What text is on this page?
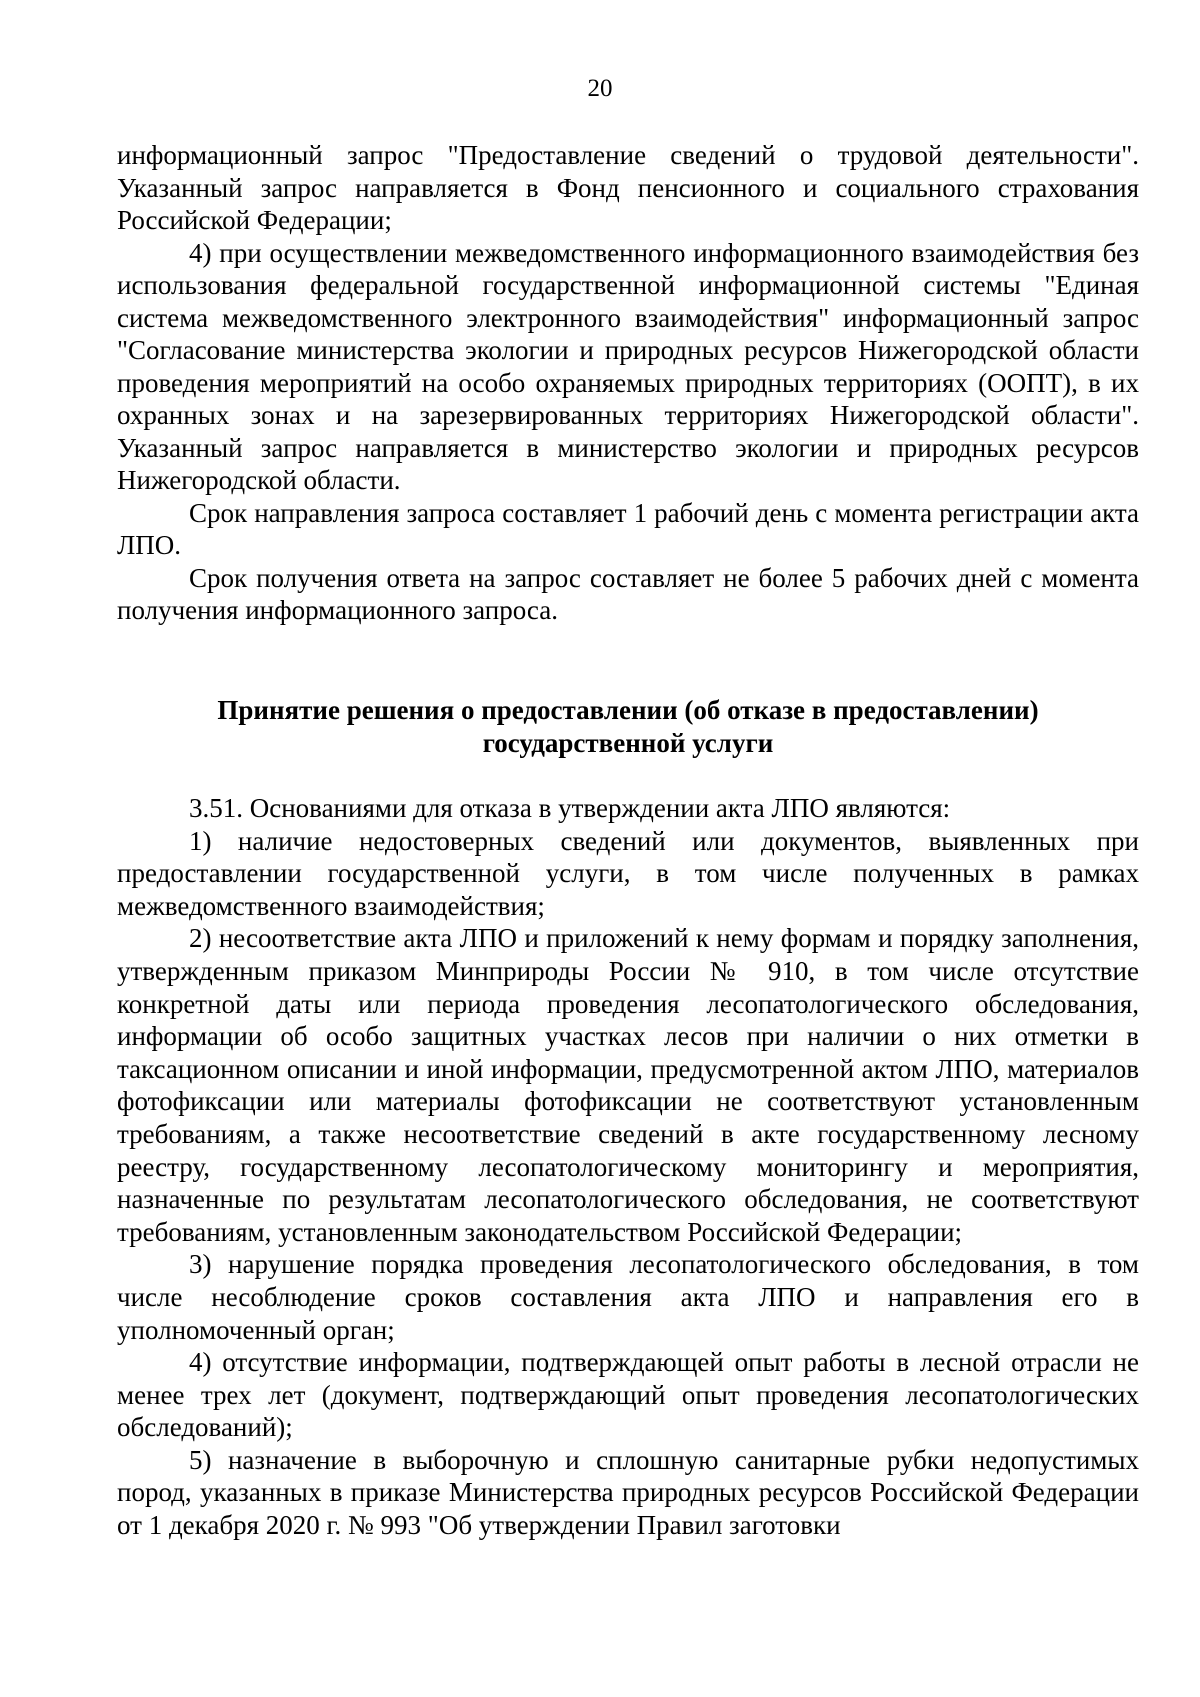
20

информационный запрос "Предоставление сведений о трудовой деятельности". Указанный запрос направляется в Фонд пенсионного и социального страхования Российской Федерации;

4) при осуществлении межведомственного информационного взаимодействия без использования федеральной государственной информационной системы "Единая система межведомственного электронного взаимодействия" информационный запрос "Согласование министерства экологии и природных ресурсов Нижегородской области проведения мероприятий на особо охраняемых природных территориях (ООПТ), в их охранных зонах и на зарезервированных территориях Нижегородской области". Указанный запрос направляется в министерство экологии и природных ресурсов Нижегородской области.

Срок направления запроса составляет 1 рабочий день с момента регистрации акта ЛПО.

Срок получения ответа на запрос составляет не более 5 рабочих дней с момента получения информационного запроса.

Принятие решения о предоставлении (об отказе в предоставлении)
государственной услуги

3.51. Основаниями для отказа в утверждении акта ЛПО являются:

1) наличие недостоверных сведений или документов, выявленных при предоставлении государственной услуги, в том числе полученных в рамках межведомственного взаимодействия;

2) несоответствие акта ЛПО и приложений к нему формам и порядку заполнения, утвержденным приказом Минприроды России № 910, в том числе отсутствие конкретной даты или периода проведения лесопатологического обследования, информации об особо защитных участках лесов при наличии о них отметки в таксационном описании и иной информации, предусмотренной актом ЛПО, материалов фотофиксации или материалы фотофиксации не соответствуют установленным требованиям, а также несоответствие сведений в акте государственному лесному реестру, государственному лесопатологическому мониторингу и мероприятия, назначенные по результатам лесопатологического обследования, не соответствуют требованиям, установленным законодательством Российской Федерации;

3) нарушение порядка проведения лесопатологического обследования, в том числе несоблюдение сроков составления акта ЛПО и направления его в уполномоченный орган;

4) отсутствие информации, подтверждающей опыт работы в лесной отрасли не менее трех лет (документ, подтверждающий опыт проведения лесопатологических обследований);

5) назначение в выборочную и сплошную санитарные рубки недопустимых пород, указанных в приказе Министерства природных ресурсов Российской Федерации от 1 декабря 2020 г. № 993 "Об утверждении Правил заготовки
